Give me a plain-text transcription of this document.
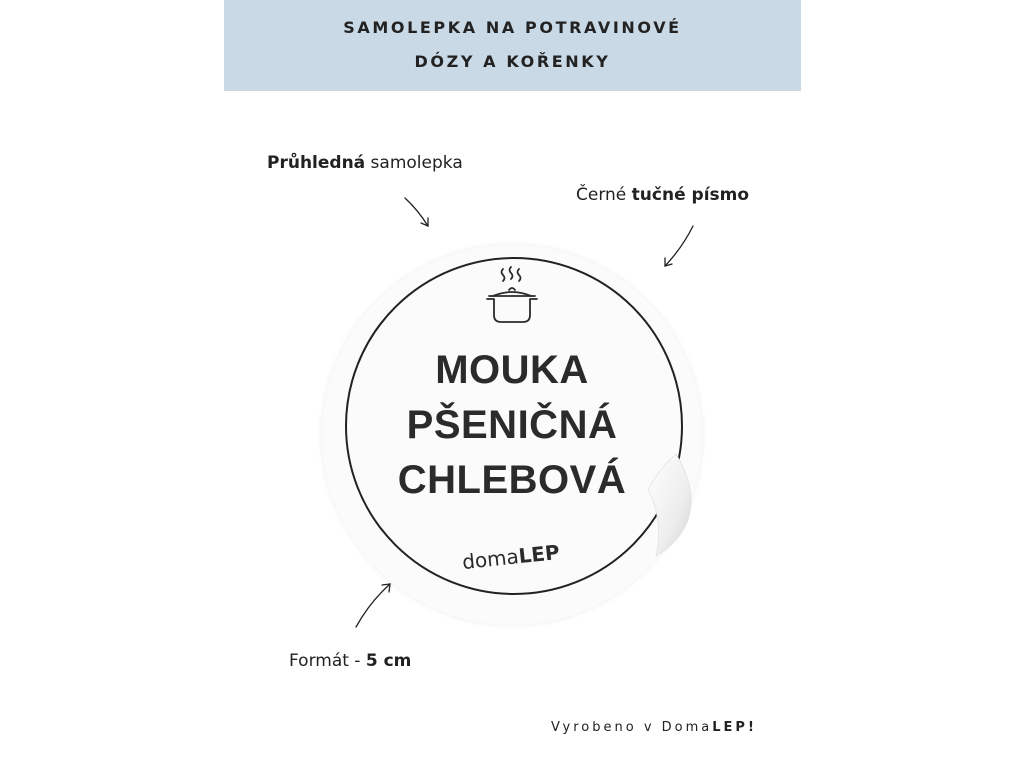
SAMOLEPKA NA POTRAVINOVÉ
DÓZY A KOŘENKY
Průhledná samolepka
Černé tučné písmo
Formát - 5 cm
MOUKA
PŠENIČNÁ
CHLEBOVÁ
domaLEP
Vyrobeno v DomaLEP!
